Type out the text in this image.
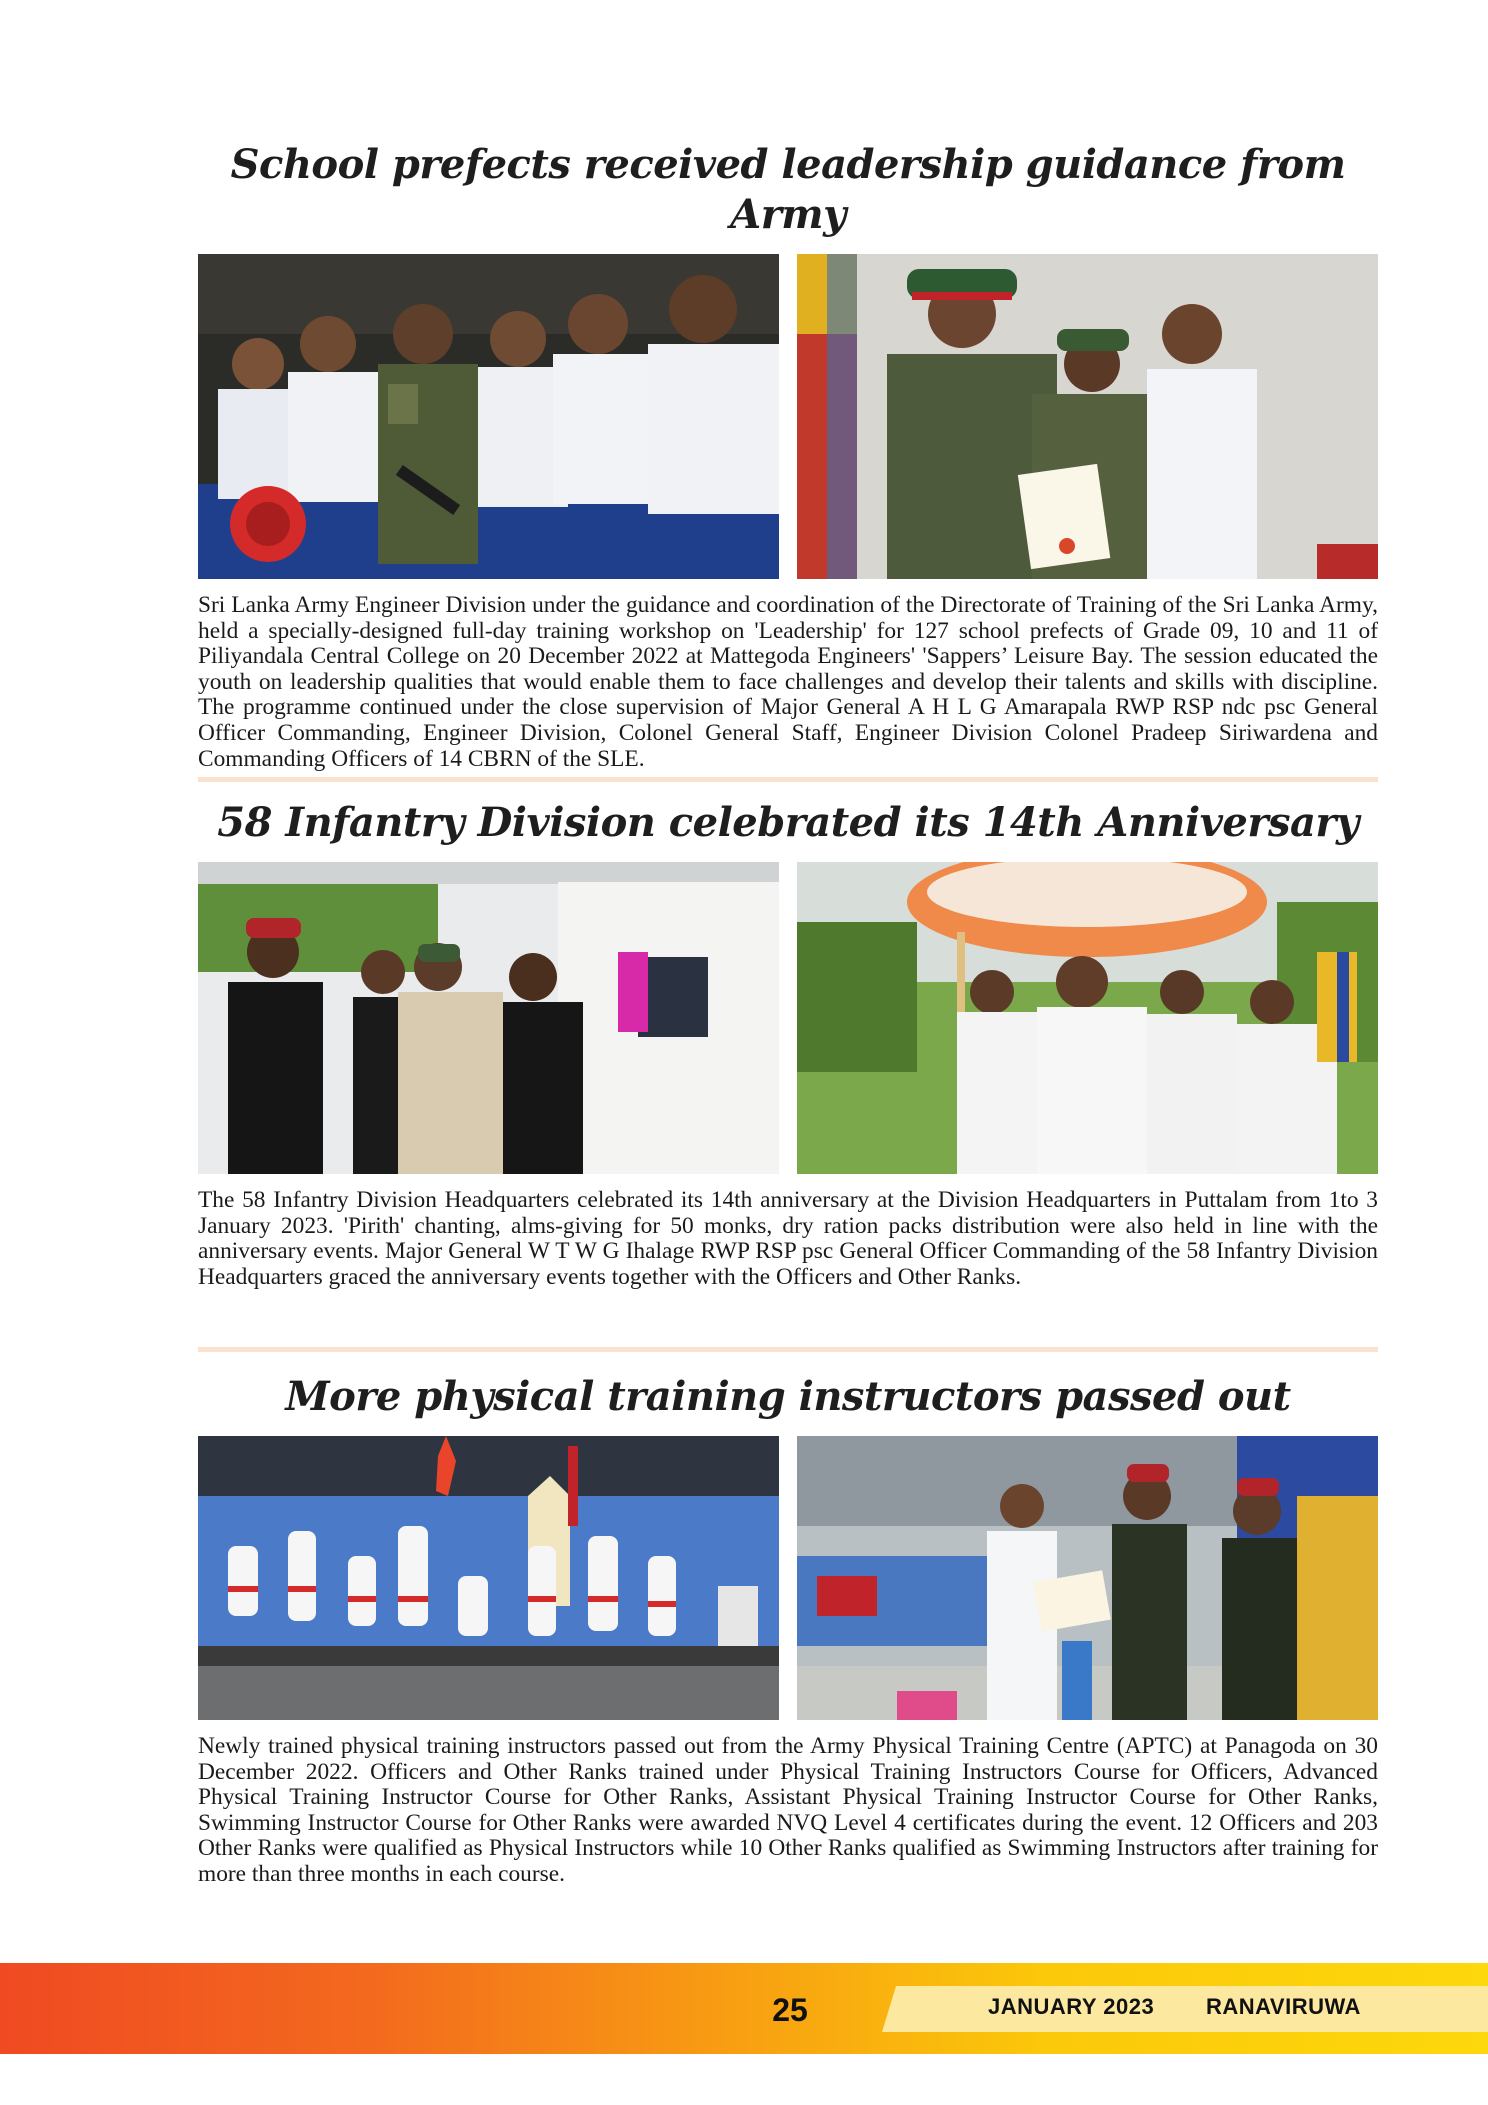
School prefects received leadership guidance from Army

Sri Lanka Army Engineer Division under the guidance and coordination of the Directorate of Training of the Sri Lanka Army, held a specially-designed full-day training workshop on 'Leadership' for 127 school prefects of Grade 09, 10 and 11 of Piliyandala Central College on 20 December 2022 at Mattegoda Engineers' 'Sappers’ Leisure Bay. The session educated the youth on leadership qualities that would enable them to face challenges and develop their talents and skills with discipline. The programme continued under the close supervision of Major General A H L G Amarapala RWP RSP ndc psc General Officer Commanding, Engineer Division, Colonel General Staff, Engineer Division Colonel Pradeep Siriwardena and Commanding Officers of 14 CBRN of the SLE.

58 Infantry Division celebrated its 14th Anniversary

The 58 Infantry Division Headquarters celebrated its 14th anniversary at the Division Headquarters in Puttalam from 1to 3 January 2023. 'Pirith' chanting, alms-giving for 50 monks, dry ration packs distribution were also held in line with the anniversary events. Major General W T W G Ihalage RWP RSP psc General Officer Commanding of the 58 Infantry Division Headquarters graced the anniversary events together with the Officers and Other Ranks.

More physical training instructors passed out

Newly trained physical training instructors passed out from the Army Physical Training Centre (APTC) at Panagoda on 30 December 2022. Officers and Other Ranks trained under Physical Training Instructors Course for Officers, Advanced Physical Training Instructor Course for Other Ranks, Assistant Physical Training Instructor Course for Other Ranks, Swimming Instructor Course for Other Ranks were awarded NVQ Level 4 certificates during the event. 12 Officers and 203 Other Ranks were qualified as Physical Instructors while 10 Other Ranks qualified as Swimming Instructors after training for more than three months in each course.

25	JANUARY 2023 RANAVIRUWA
